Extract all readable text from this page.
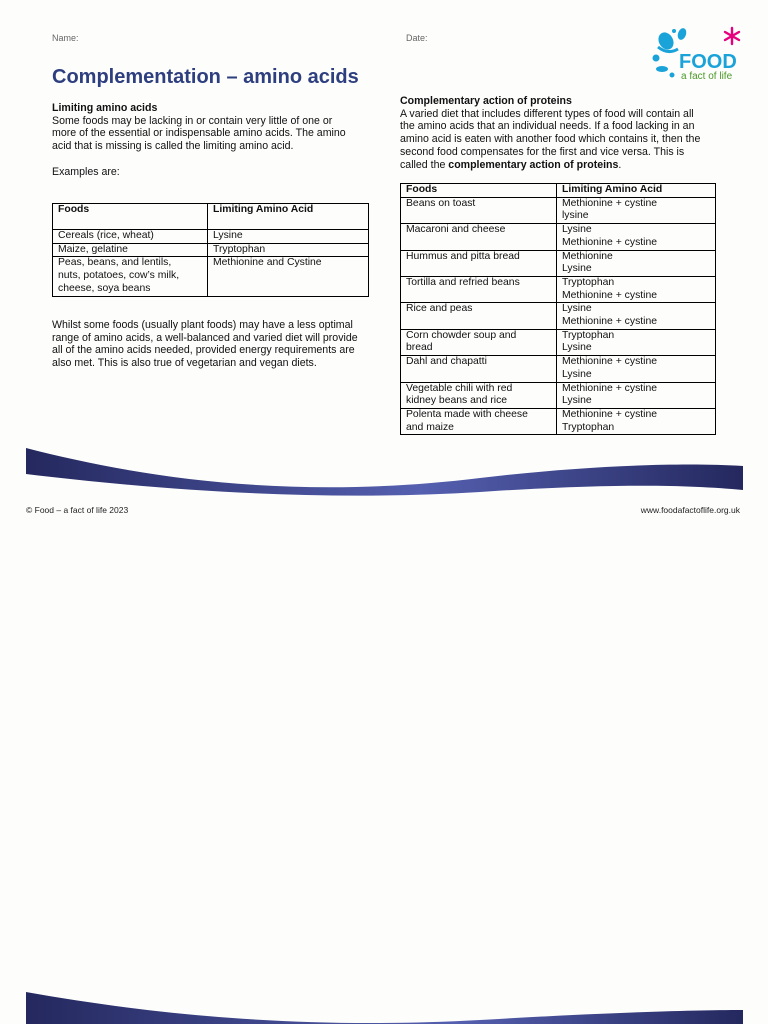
Name:	Date:
FOOD
a fact of life
Complementation – amino acids
Limiting amino acids
Some foods may be lacking in or contain very little of one or
more of the essential or indispensable amino acids. The amino
acid that is missing is called the limiting amino acid.
Examples are:
Foods	Limiting Amino Acid

Cereals (rice, wheat)	Lysine

Maize, gelatine	Tryptophan

Peas, beans, and lentils,
nuts, potatoes, cow’s milk,
cheese, soya beans	Methionine and Cystine
Whilst some foods (usually plant foods) may have a less optimal
range of amino acids, a well-balanced and varied diet will provide
all of the amino acids needed, provided energy requirements are
also met. This is also true of vegetarian and vegan diets.
Complementary action of proteins
A varied diet that includes different types of food will contain all
the amino acids that an individual needs. If a food lacking in an
amino acid is eaten with another food which contains it, then the
second food compensates for the first and vice versa. This is
called the complementary action of proteins.
Foods	Limiting Amino Acid

Beans on toast	Methionine + cystine
lysine

Macaroni and cheese	Lysine
Methionine + cystine

Hummus and pitta bread	Methionine
Lysine

Tortilla and refried beans	Tryptophan
Methionine + cystine

Rice and peas	Lysine
Methionine + cystine

Corn chowder soup and
bread	Tryptophan
Lysine

Dahl and chapatti	Methionine + cystine
Lysine

Vegetable chili with red
kidney beans and rice	Methionine + cystine
Lysine

Polenta made with cheese
and maize	Methionine + cystine
Tryptophan
© Food – a fact of life 2023	www.foodafactoflife.org.uk
